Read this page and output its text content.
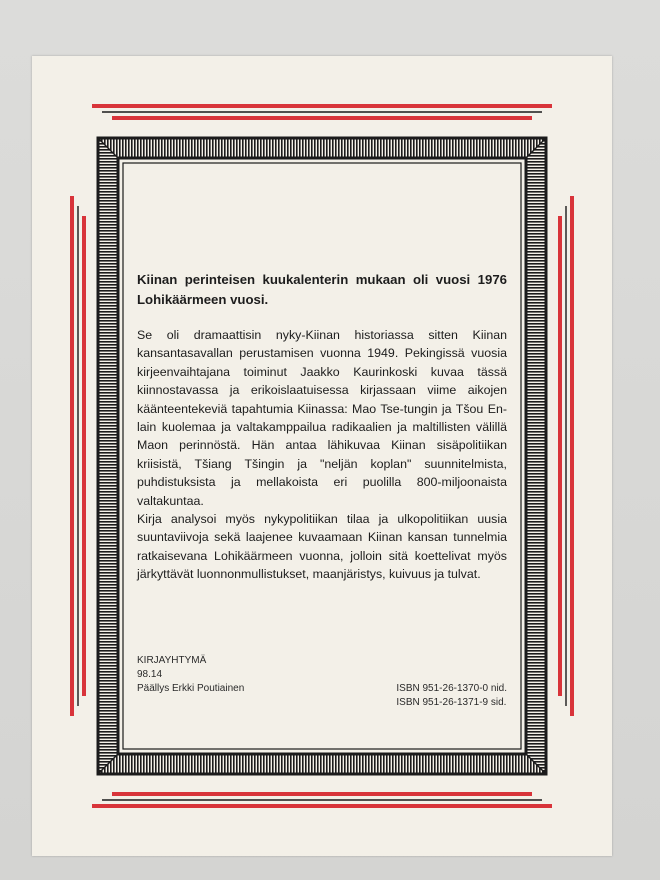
Kiinan perinteisen kuukalenterin mukaan oli vuosi 1976 Lohikäärmeen vuosi.

Se oli dramaattisin nyky-Kiinan historiassa sitten Kiinan kansantasavallan perustamisen vuonna 1949. Pekingissä vuosia kirjeenvaihtajana toiminut Jaakko Kaurinkoski kuvaa tässä kiinnostavassa ja erikoislaatuisessa kirjassaan viime aikojen käänteentekeviä tapahtumia Kiinassa: Mao Tse-tungin ja Tšou En-lain kuolemaa ja valtakamppailua radikaalien ja maltillisten välillä Maon perinnöstä. Hän antaa lähikuvaa Kiinan sisäpolitiikan kriisistä, Tšiang Tšingin ja "neljän koplan" suunnitelmista, puhdistuksista ja mellakoista eri puolilla 800-miljoonaista valtakuntaa.

Kirja analysoi myös nykypolitiikan tilaa ja ulkopolitiikan uusia suuntaviivoja sekä laajenee kuvaamaan Kiinan kansan tunnelmia ratkaisevana Lohikäärmeen vuonna, jolloin sitä koettelivat myös järkyttävät luonnonmullistukset, maanjäristys, kuivuus ja tulvat.

KIRJAYHTYMÄ
98.14
Päällys Erkki Poutiainen	ISBN 951-26-1370-0 nid.
ISBN 951-26-1371-9 sid.
